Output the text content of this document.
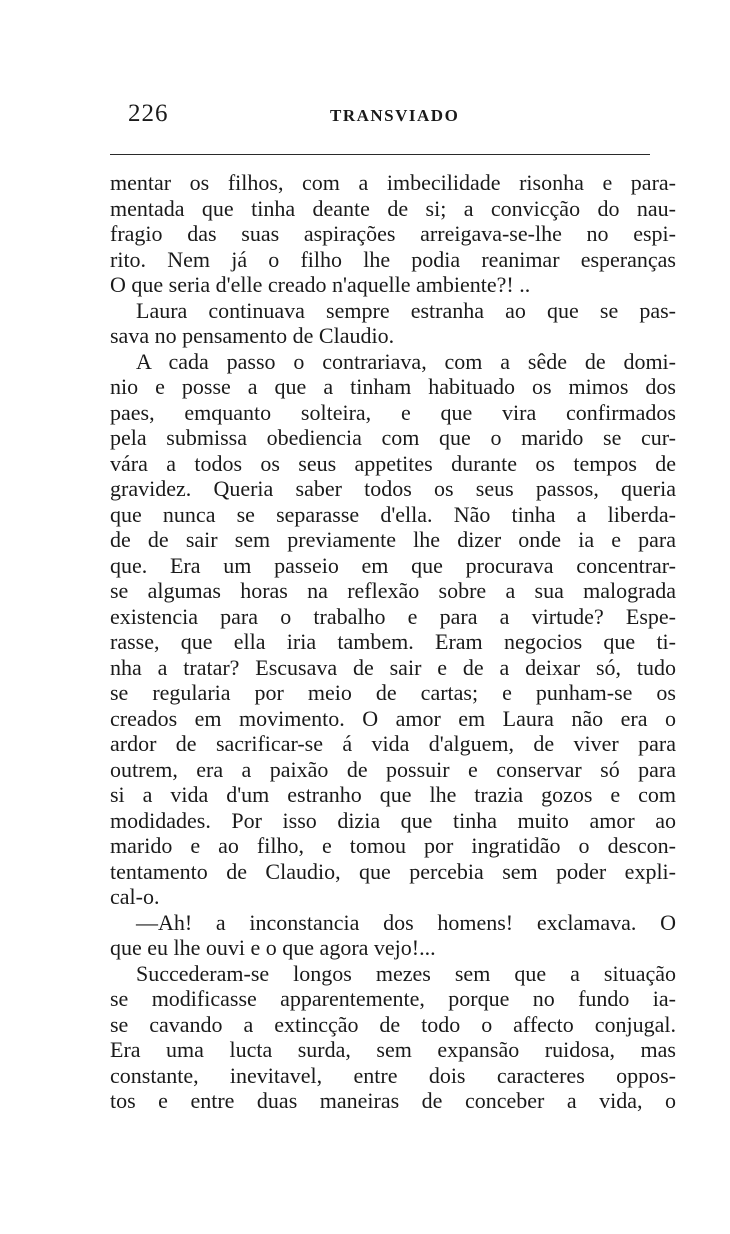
226	TRANSVIADO
mentar os filhos, com a imbecilidade risonha e para-
mentada que tinha deante de si; a convicção do nau-
fragio das suas aspirações arreigava-se-lhe no espi-
rito. Nem já o filho lhe podia reanimar esperanças
O que seria d'elle creado n'aquelle ambiente?! ..
Laura continuava sempre estranha ao que se pas-
sava no pensamento de Claudio.
A cada passo o contrariava, com a sêde de domi-
nio e posse a que a tinham habituado os mimos dos
paes, emquanto solteira, e que vira confirmados
pela submissa obediencia com que o marido se cur-
vára a todos os seus appetites durante os tempos de
gravidez. Queria saber todos os seus passos, queria
que nunca se separasse d'ella. Não tinha a liberda-
de de sair sem previamente lhe dizer onde ia e para
que. Era um passeio em que procurava concentrar-
se algumas horas na reflexão sobre a sua malograda
existencia para o trabalho e para a virtude? Espe-
rasse, que ella iria tambem. Eram negocios que ti-
nha a tratar? Escusava de sair e de a deixar só, tudo
se regularia por meio de cartas; e punham-se os
creados em movimento. O amor em Laura não era o
ardor de sacrificar-se á vida d'alguem, de viver para
outrem, era a paixão de possuir e conservar só para
si a vida d'um estranho que lhe trazia gozos e com
modidades. Por isso dizia que tinha muito amor ao
marido e ao filho, e tomou por ingratidão o descon-
tentamento de Claudio, que percebia sem poder expli-
cal-o.
—Ah! a inconstancia dos homens! exclamava. O
que eu lhe ouvi e o que agora vejo!...
Succederam-se longos mezes sem que a situação
se modificasse apparentemente, porque no fundo ia-
se cavando a extincção de todo o affecto conjugal.
Era uma lucta surda, sem expansão ruidosa, mas
constante, inevitavel, entre dois caracteres oppos-
tos e entre duas maneiras de conceber a vida, o
